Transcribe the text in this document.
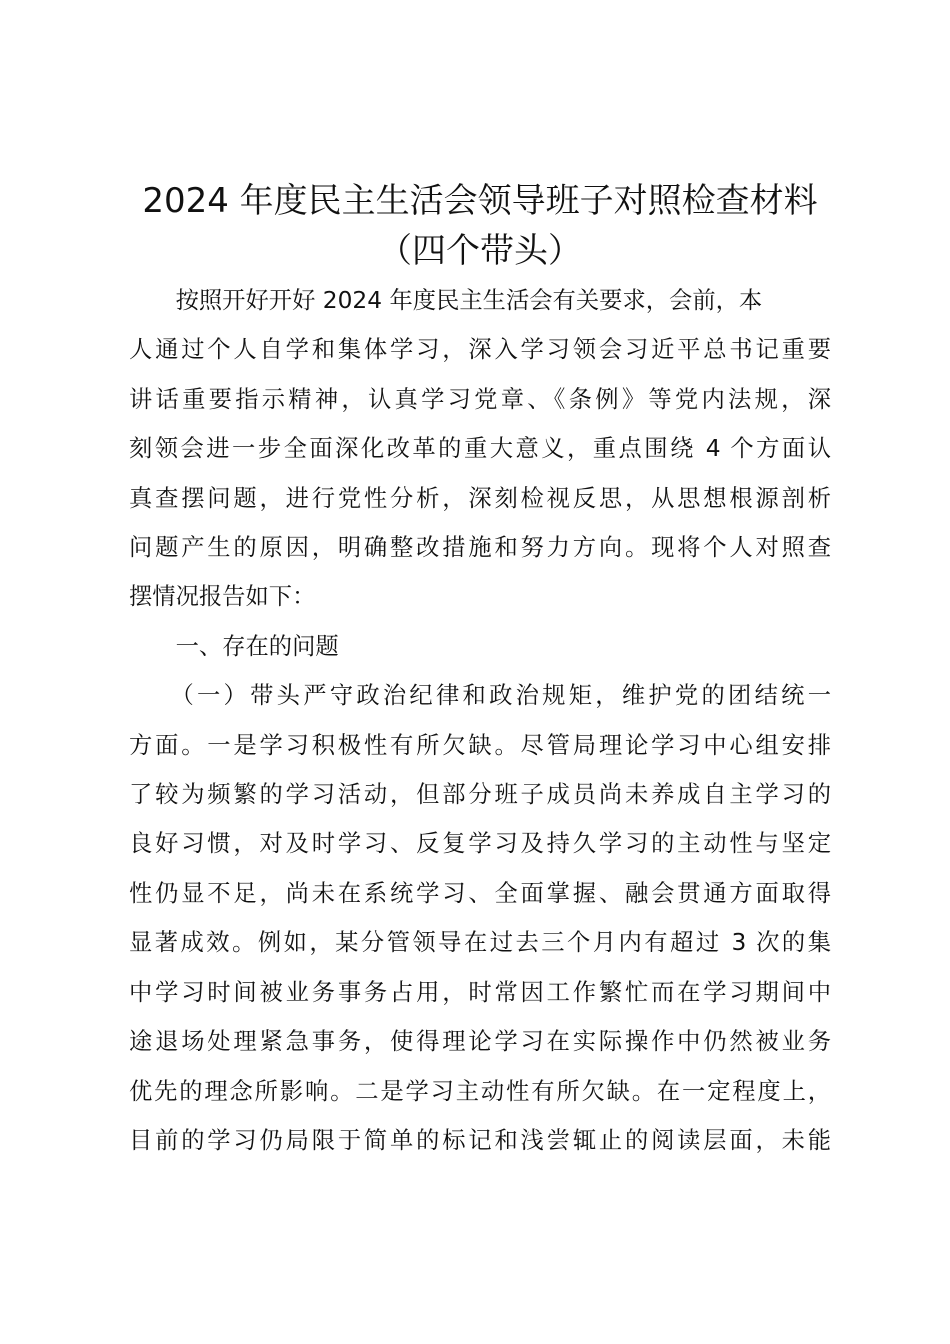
2024 年度民主生活会领导班子对照检查材料
（四个带头）
　　按照开好开好 2024 年度民主生活会有关要求，会前，本
人通过个人自学和集体学习，深入学习领会习近平总书记重要
讲话重要指示精神，认真学习党章、《条例》等党内法规，深
刻领会进一步全面深化改革的重大意义，重点围绕 4 个方面认
真查摆问题，进行党性分析，深刻检视反思，从思想根源剖析
问题产生的原因，明确整改措施和努力方向。现将个人对照查
摆情况报告如下：
　　一、存在的问题
　　（一）带头严守政治纪律和政治规矩，维护党的团结统一
方面。一是学习积极性有所欠缺。尽管局理论学习中心组安排
了较为频繁的学习活动，但部分班子成员尚未养成自主学习的
良好习惯，对及时学习、反复学习及持久学习的主动性与坚定
性仍显不足，尚未在系统学习、全面掌握、融会贯通方面取得
显著成效。例如，某分管领导在过去三个月内有超过 3 次的集
中学习时间被业务事务占用，时常因工作繁忙而在学习期间中
途退场处理紧急事务，使得理论学习在实际操作中仍然被业务
优先的理念所影响。二是学习主动性有所欠缺。在一定程度上，
目前的学习仍局限于简单的标记和浅尝辄止的阅读层面，未能
